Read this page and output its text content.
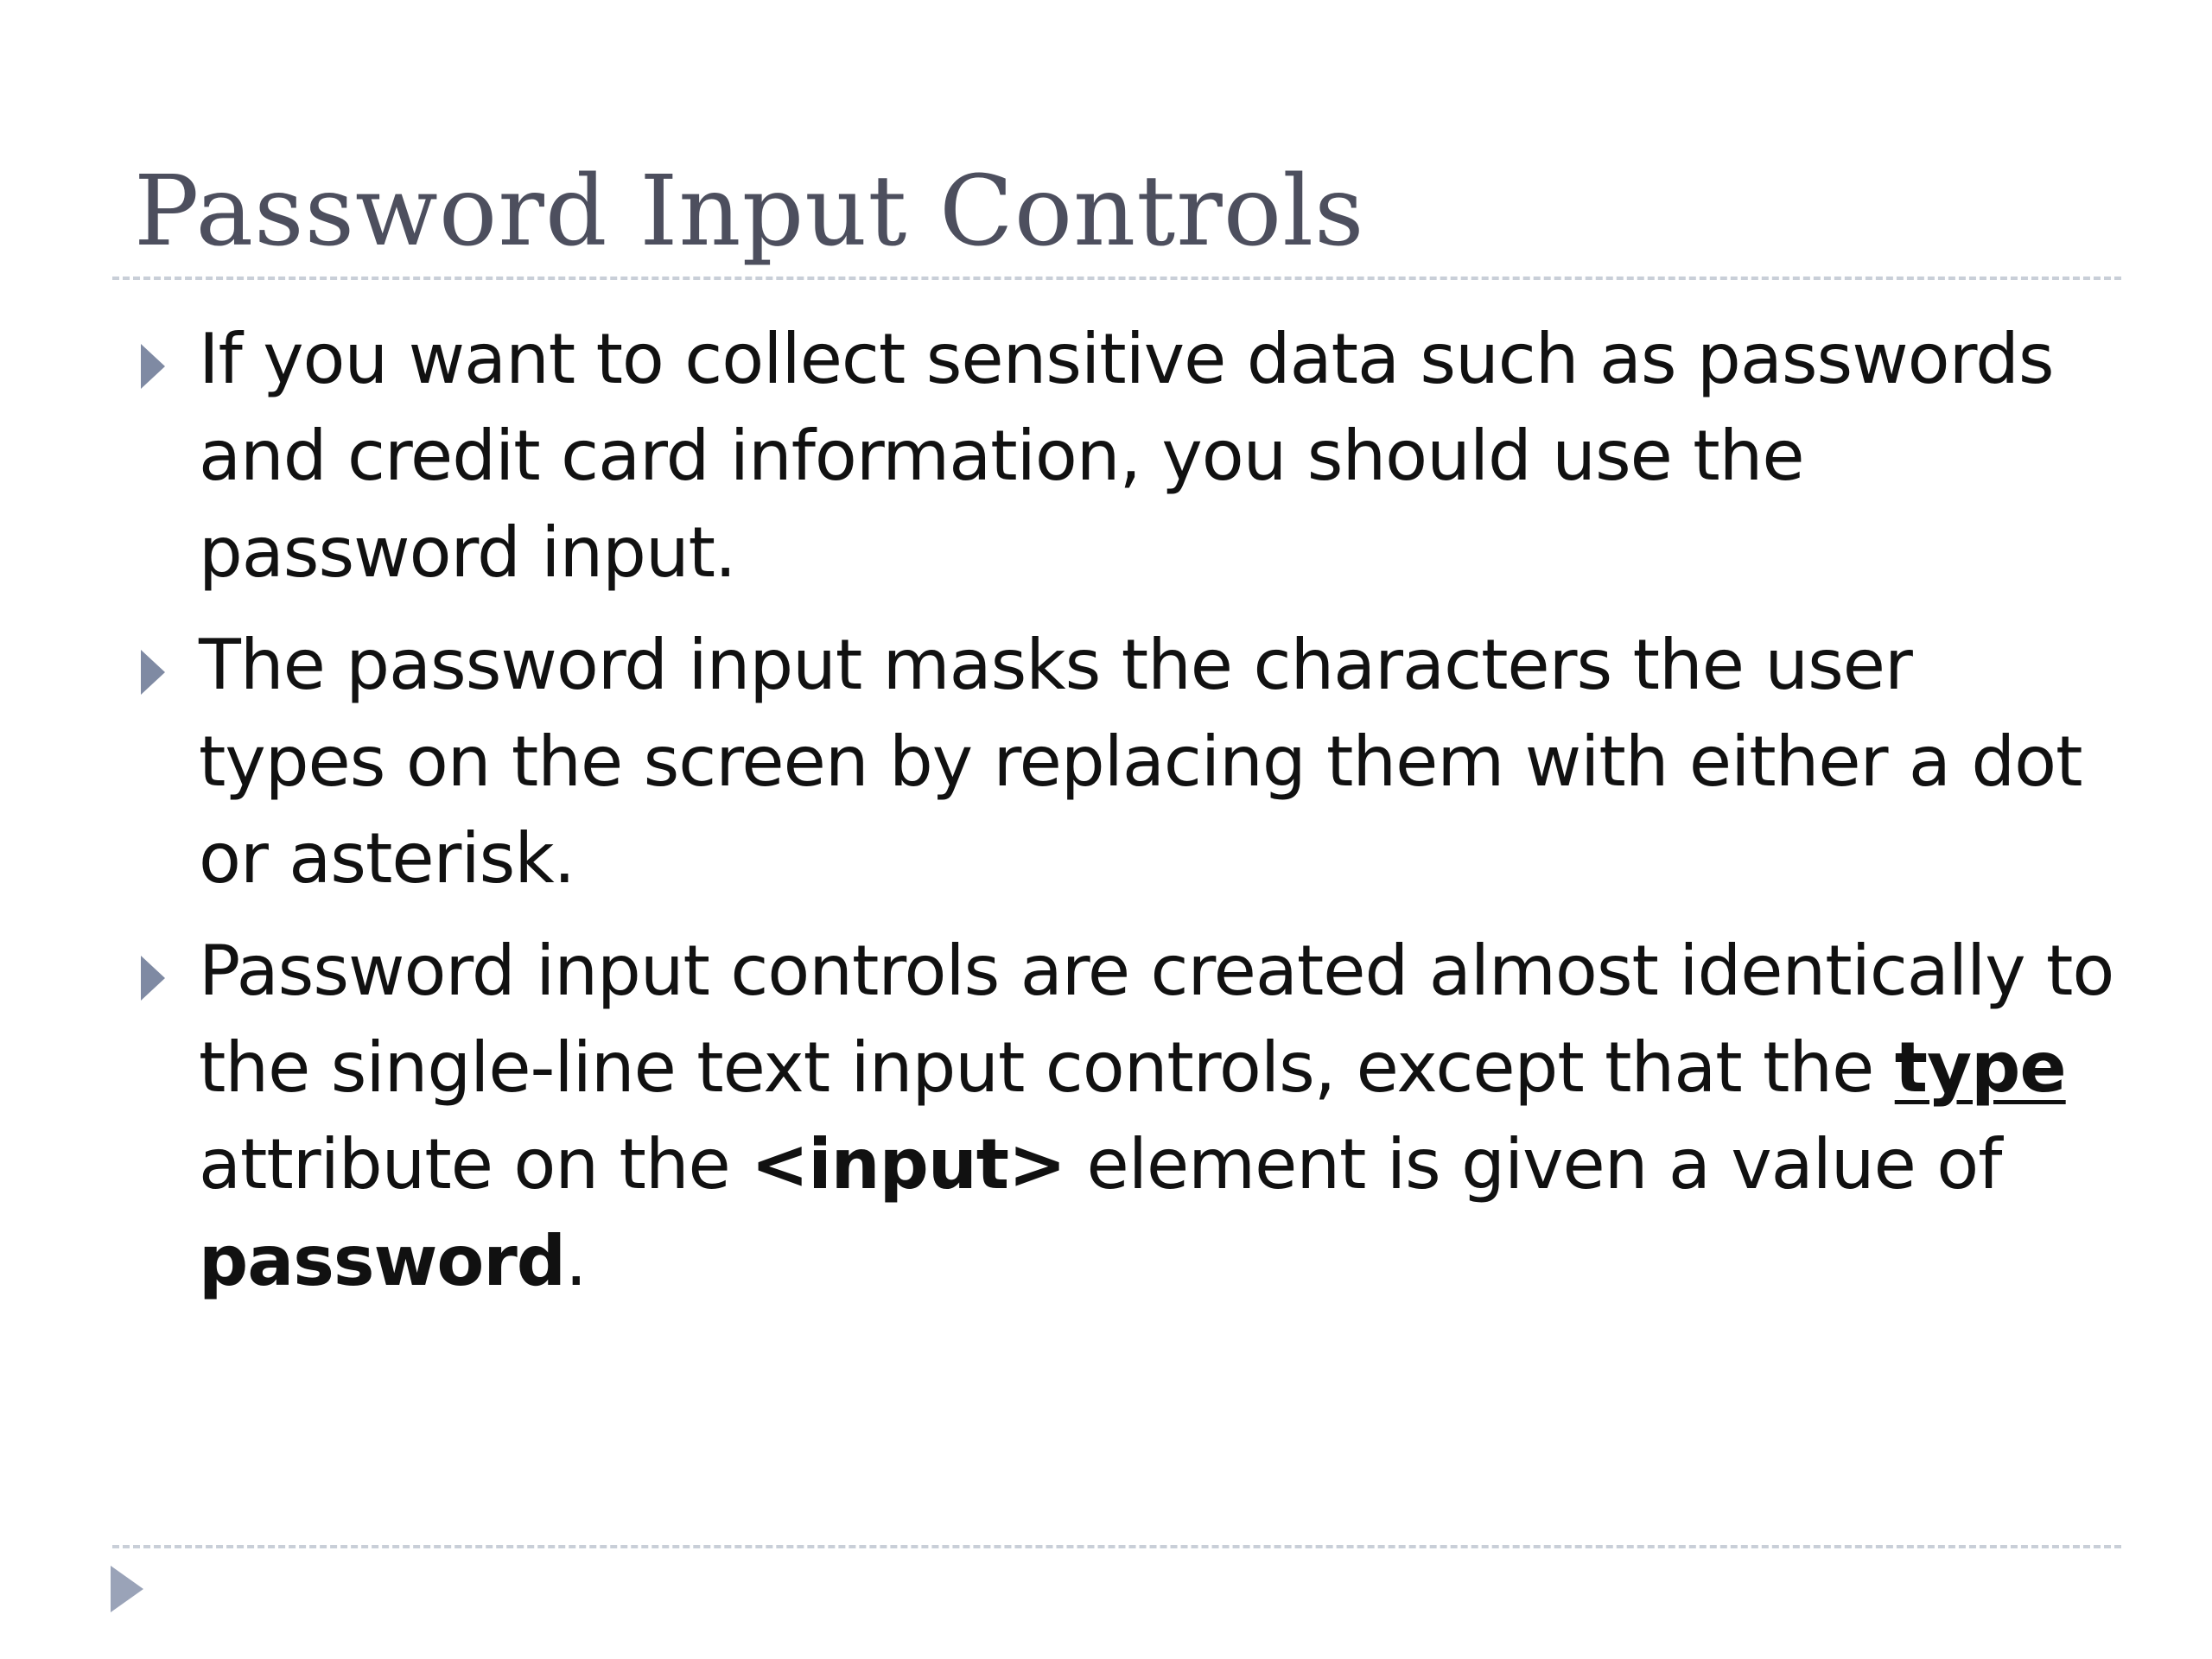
Password Input Controls
If you want to collect sensitive data such as passwords and credit card information, you should use the password input.
The password input masks the characters the user types on the screen by replacing them with either a dot or asterisk.
Password input controls are created almost identically to the single-line text input controls, except that the type attribute on the <input> element is given a value of password.
